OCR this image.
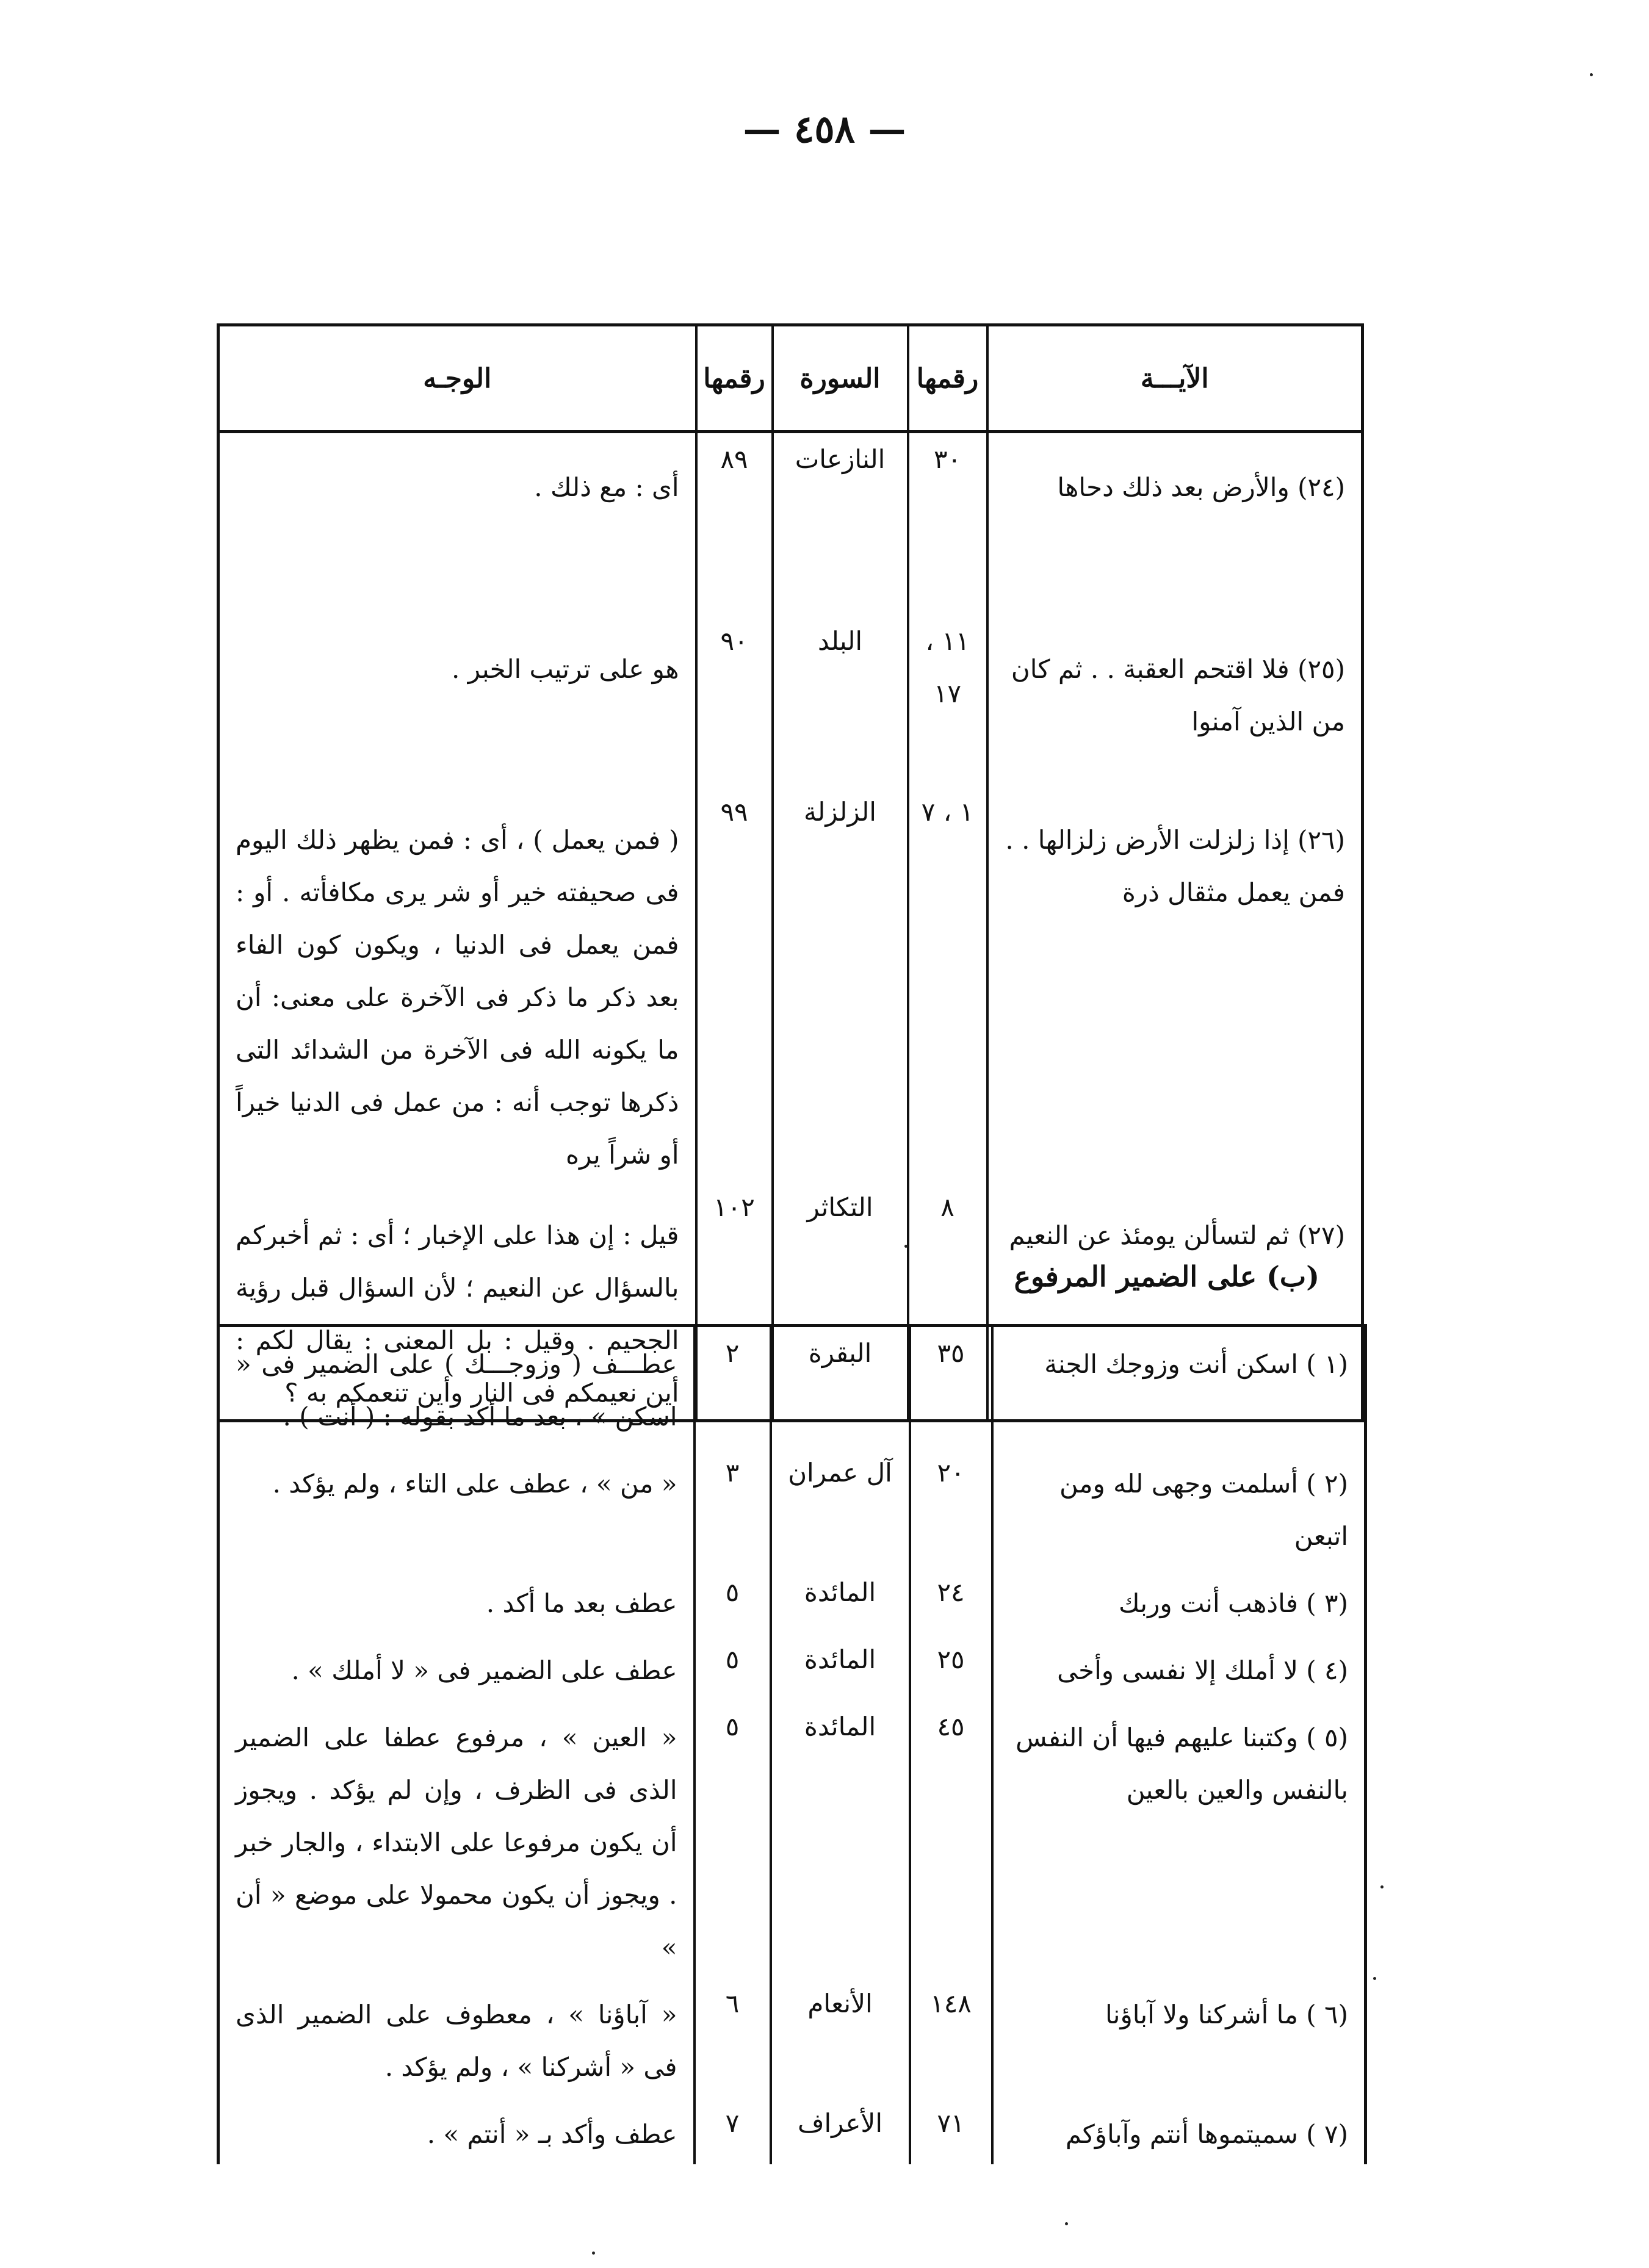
— ٤٥٨ —
الآيـــة	رقمها	السورة	رقمها	الوجـه
(٢٤) والأرض بعد ذلك دحاها	٣٠	النازعات	٨٩	أى : مع ذلك .
(٢٥) فلا اقتحم العقبة . . ثم كان من الذين آمنوا	١١ ، ١٧	البلد	٩٠	هو على ترتيب الخبر .
(٢٦) إذا زلزلت الأرض زلزالها . . فمن يعمل مثقال ذرة	١ ، ٧	الزلزلة	٩٩	( فمن يعمل ) ، أى : فمن يظهر ذلك اليوم فى صحيفته خير أو شر يرى مكافأته . أو : فمن يعمل فى الدنيا ، ويكون كون الفاء بعد ذكر ما ذكر فى الآخرة على معنى: أن ما يكونه الله فى الآخرة من الشدائد التى ذكرها توجب أنه : من عمل فى الدنيا خيراً أو شراً يره
(٢٧) ثم لتسألن يومئذ عن النعيم	٨	التكاثر	١٠٢	قيل : إن هذا على الإخبار ؛ أى : ثم أخبركم بالسؤال عن النعيم ؛ لأن السؤال قبل رؤية الجحيم . وقيل : بل المعنى : يقال لكم : أين نعيمكم فى النار وأين تنعمكم به ؟
(ب) على الضمير المرفوع
(١ ) اسكن أنت وزوجك الجنة	٣٥	البقرة	٢	عطـــف ( وزوجـــك ) على الضمير فى « اسكن » ، بعد ما أكد بقوله : ( أنت ) .
(٢ ) أسلمت وجهى لله ومن اتبعن	٢٠	آل عمران	٣	« من » ، عطف على التاء ، ولم يؤكد .
(٣ ) فاذهب أنت وربك	٢٤	المائدة	٥	عطف بعد ما أكد .
(٤ ) لا أملك إلا نفسى وأخى	٢٥	المائدة	٥	عطف على الضمير فى « لا أملك » .
(٥ ) وكتبنا عليهم فيها أن النفس بالنفس والعين بالعين	٤٥	المائدة	٥	« العين » ، مرفوع عطفا على الضمير الذى فى الظرف ، وإن لم يؤكد . ويجوز أن يكون مرفوعا على الابتداء ، والجار خبر . ويجوز أن يكون محمولا على موضع « أن »
(٦ ) ما أشركنا ولا آباؤنا	١٤٨	الأنعام	٦	« آباؤنا » ، معطوف على الضمير الذى فى « أشركنا » ، ولم يؤكد .
(٧ ) سميتموها أنتم وآباؤكم	٧١	الأعراف	٧	عطف وأكد بـ « أنتم » .
